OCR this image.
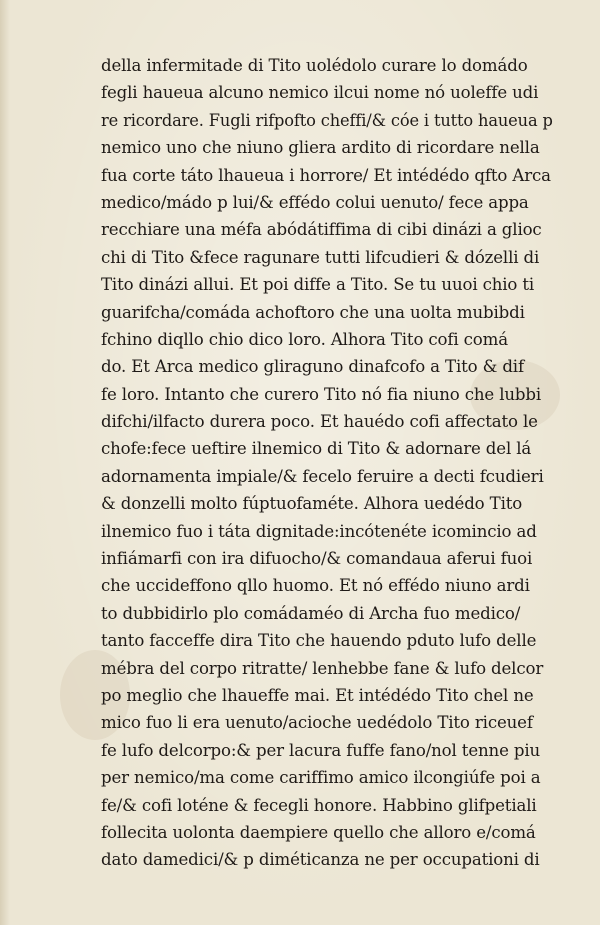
della infermitade di Tito uolédolo curare lo domádo
fegli haueua alcuno nemico ilcui nome nó uoleffe udi
re ricordare. Fugli rifpofto cheffi/& cóe i tutto haueua p
nemico uno che niuno gliera ardito di ricordare nella
fua corte táto lhaueua i horrore/ Et intédédo qfto Arca
medico/mádo p lui/& effédo colui uenuto/ fece appa
recchiare una méfa abódátiffima di cibi dinázi a glioc
chi di Tito &fece ragunare tutti lifcudieri & dózelli di
Tito dinázi allui. Et poi diffe a Tito. Se tu uuoi chio ti
guarifcha/comáda achoftoro che una uolta mubibdi
fchino diqllo chio dico loro. Alhora Tito cofi comá
do. Et Arca medico gliraguno dinafcofo a Tito & dif
fe loro. Intanto che curero Tito nó fia niuno che lubbi
difchi/ilfacto durera poco. Et hauédo cofi affectato le
chofe:fece ueftire ilnemico di Tito & adornare del lá
adornamenta impiale/& fecelo feruire a decti fcudieri
& donzelli molto fúptuofaméte. Alhora uedédo Tito
ilnemico fuo i táta dignitade:incótenéte icomincio ad
infiámarfi con ira difuocho/& comandaua aferui fuoi
che uccideffono qllo huomo. Et nó effédo niuno ardi
to dubbidirlo plo comádaméo di Archa fuo medico/
tanto facceffe dira Tito che hauendo pduto lufo delle
mébra del corpo ritratte/ lenhebbe fane & lufo delcor
po meglio che lhaueffe mai. Et intédédo Tito chel ne
mico fuo li era uenuto/acioche uedédolo Tito riceuef
fe lufo delcorpo:& per lacura fuffe fano/nol tenne piu
per nemico/ma come cariffimo amico ilcongiúfe poi a
fe/& cofi loténe & fecegli honore. Habbino glifpetiali
follecita uolonta daempiere quello che alloro e/comá
dato damedici/& p diméticanza ne per occupationi di
